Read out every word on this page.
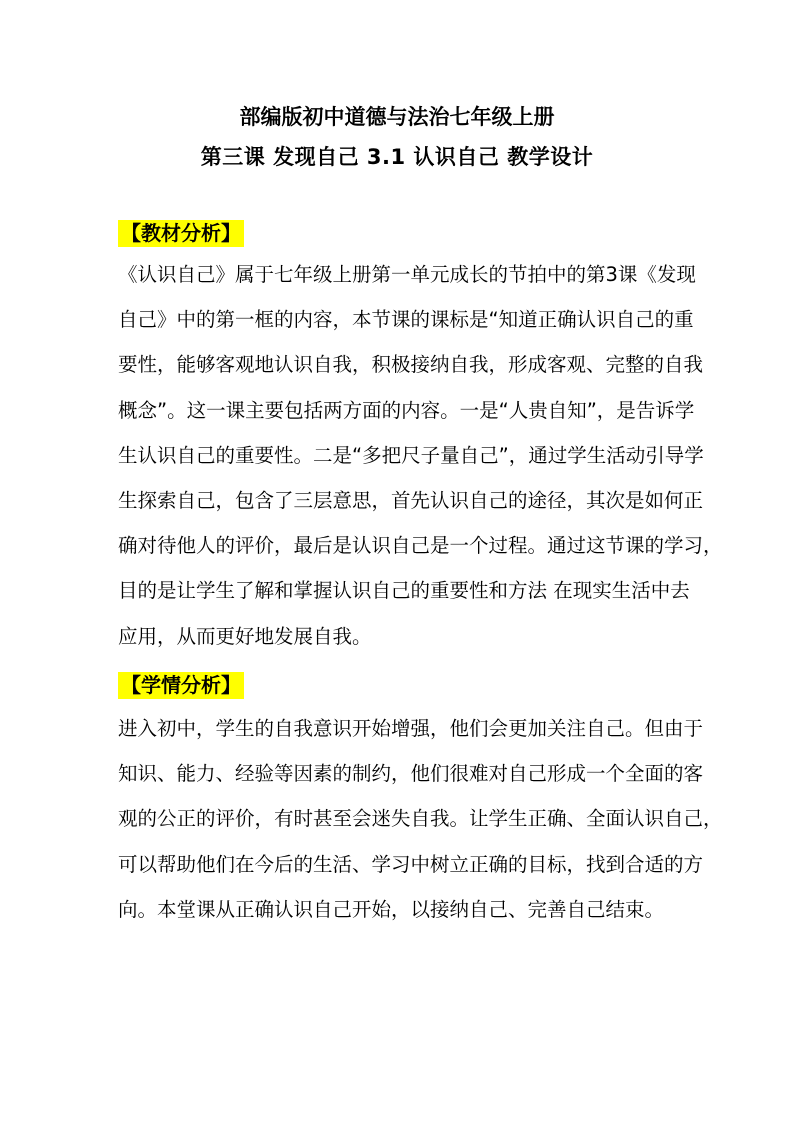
部编版初中道德与法治七年级上册
第三课 发现自己 3.1 认识自己 教学设计
【教材分析】
《认识自己》属于七年级上册第一单元成长的节拍中的第3课《发现
自己》中的第一框的内容，本节课的课标是“知道正确认识自己的重
要性，能够客观地认识自我，积极接纳自我，形成客观、完整的自我
概念”。这一课主要包括两方面的内容。一是“人贵自知”，是告诉学
生认识自己的重要性。二是“多把尺子量自己”，通过学生活动引导学
生探索自己，包含了三层意思，首先认识自己的途径，其次是如何正
确对待他人的评价，最后是认识自己是一个过程。通过这节课的学习，
目的是让学生了解和掌握认识自己的重要性和方法 在现实生活中去
应用，从而更好地发展自我。
【学情分析】
进入初中，学生的自我意识开始增强，他们会更加关注自己。但由于
知识、能力、经验等因素的制约，他们很难对自己形成一个全面的客
观的公正的评价，有时甚至会迷失自我。让学生正确、全面认识自己，
可以帮助他们在今后的生活、学习中树立正确的目标，找到合适的方
向。本堂课从正确认识自己开始，以接纳自己、完善自己结束。
